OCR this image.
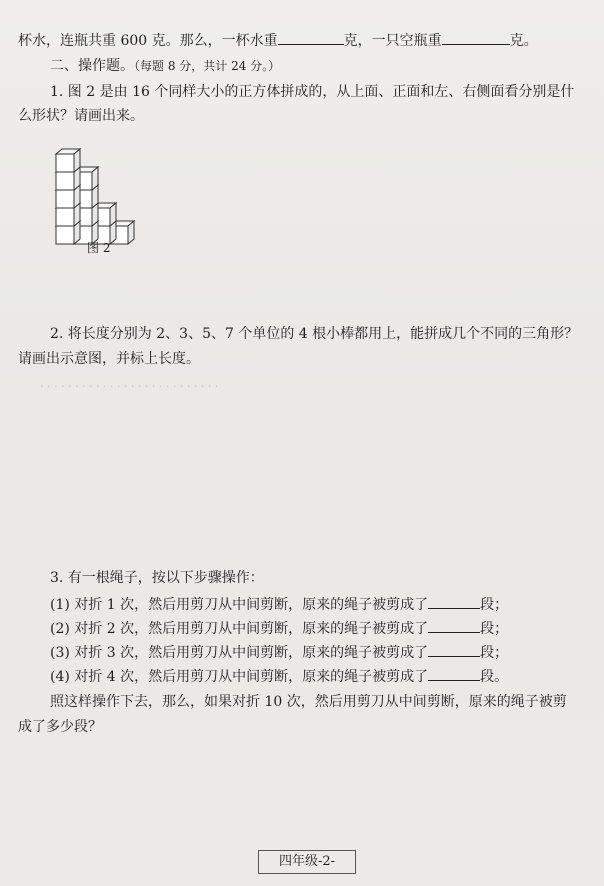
· · · · · · · · · · · · · · · · · · · · · · · · · ·
杯水，连瓶共重 600 克。那么，一杯水重	克，一只空瓶重	克。
二、操作题。（每题 8 分，共计 24 分。）
1. 图 2 是由 16 个同样大小的正方体拼成的，从上面、正面和左、右侧面看分别是什
么形状？请画出来。
图 2
2. 将长度分别为 2、3、5、7 个单位的 4 根小棒都用上，能拼成几个不同的三角形？
请画出示意图，并标上长度。
3. 有一根绳子，按以下步骤操作：
(1) 对折 1 次，然后用剪刀从中间剪断，原来的绳子被剪成了	段；
(2) 对折 2 次，然后用剪刀从中间剪断，原来的绳子被剪成了	段；
(3) 对折 3 次，然后用剪刀从中间剪断，原来的绳子被剪成了	段；
(4) 对折 4 次，然后用剪刀从中间剪断，原来的绳子被剪成了	段。
照这样操作下去，那么，如果对折 10 次，然后用剪刀从中间剪断，原来的绳子被剪
成了多少段？
四年级-2-
